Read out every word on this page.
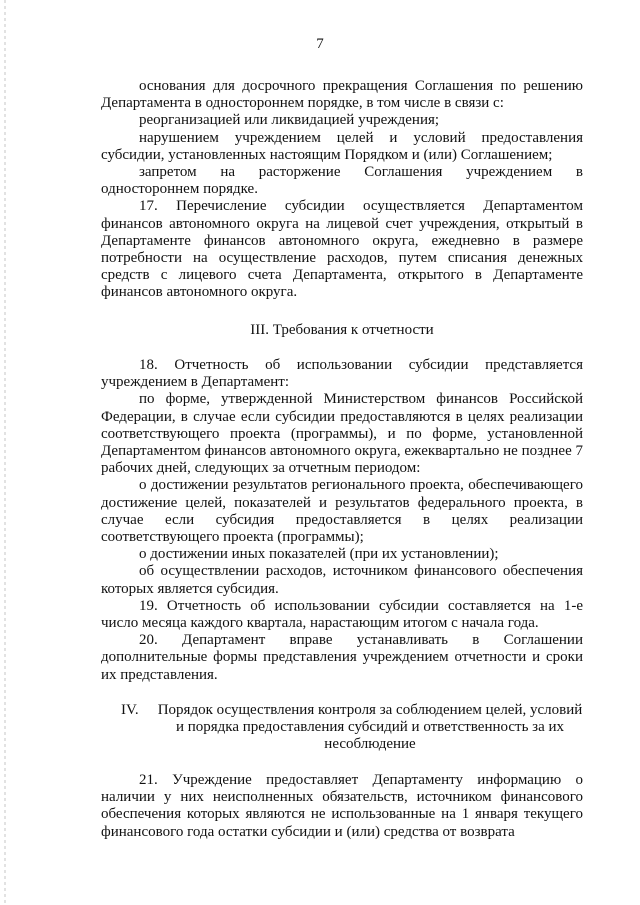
7

основания для досрочного прекращения Соглашения по решению Департамента в одностороннем порядке, в том числе в связи с:

реорганизацией или ликвидацией учреждения;

нарушением учреждением целей и условий предоставления субсидии, установленных настоящим Порядком и (или) Соглашением;

запретом на расторжение Соглашения учреждением в одностороннем порядке.

17. Перечисление субсидии осуществляется Департаментом финансов автономного округа на лицевой счет учреждения, открытый в Департаменте финансов автономного округа, ежедневно в размере потребности на осуществление расходов, путем списания денежных средств с лицевого счета Департамента, открытого в Департаменте финансов автономного округа.

III. Требования к отчетности

18. Отчетность об использовании субсидии представляется учреждением в Департамент:

по форме, утвержденной Министерством финансов Российской Федерации, в случае если субсидии предоставляются в целях реализации соответствующего проекта (программы), и по форме, установленной Департаментом финансов автономного округа, ежеквартально не позднее 7 рабочих дней, следующих за отчетным периодом:

о достижении результатов регионального проекта, обеспечивающего достижение целей, показателей и результатов федерального проекта, в случае если субсидия предоставляется в целях реализации соответствующего проекта (программы);

о достижении иных показателей (при их установлении);

об осуществлении расходов, источником финансового обеспечения которых является субсидия.

19. Отчетность об использовании субсидии составляется на 1-е число месяца каждого квартала, нарастающим итогом с начала года.

20. Департамент вправе устанавливать в Соглашении дополнительные формы представления учреждением отчетности и сроки их представления.

IV. Порядок осуществления контроля за соблюдением целей, условий и порядка предоставления субсидий и ответственность за их несоблюдение

21. Учреждение предоставляет Департаменту информацию о наличии у них неисполненных обязательств, источником финансового обеспечения которых являются не использованные на 1 января текущего финансового года остатки субсидии и (или) средства от возврата
